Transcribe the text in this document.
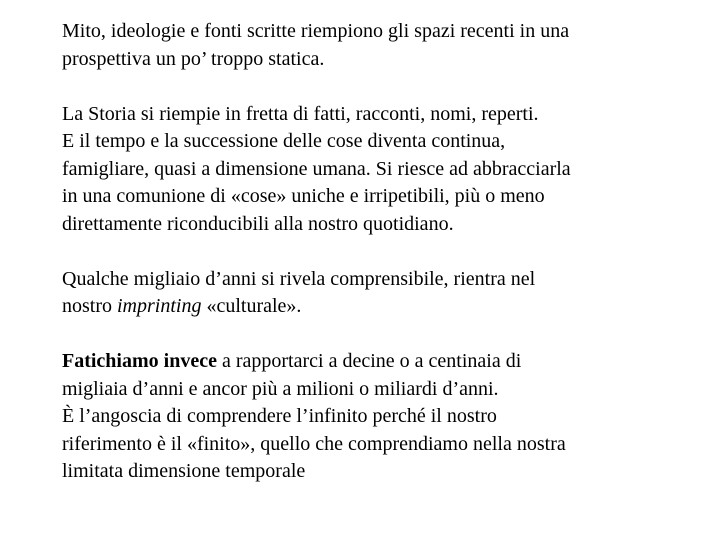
Mito, ideologie e fonti scritte riempiono gli spazi recenti in una
prospettiva un po’ troppo statica.

La Storia si riempie in fretta di fatti, racconti, nomi, reperti.
E il tempo e la successione delle cose diventa continua,
famigliare, quasi a dimensione umana. Si riesce ad abbracciarla
in una comunione di «cose» uniche e irripetibili, più o meno
direttamente riconducibili alla nostro quotidiano.

Qualche migliaio d’anni si rivela comprensibile, rientra nel
nostro imprinting «culturale».

Fatichiamo invece a rapportarci a decine o a centinaia di
migliaia d’anni e ancor più a milioni o miliardi d’anni.
È l’angoscia di comprendere l’infinito perché il nostro
riferimento è il «finito», quello che comprendiamo nella nostra
limitata dimensione temporale
